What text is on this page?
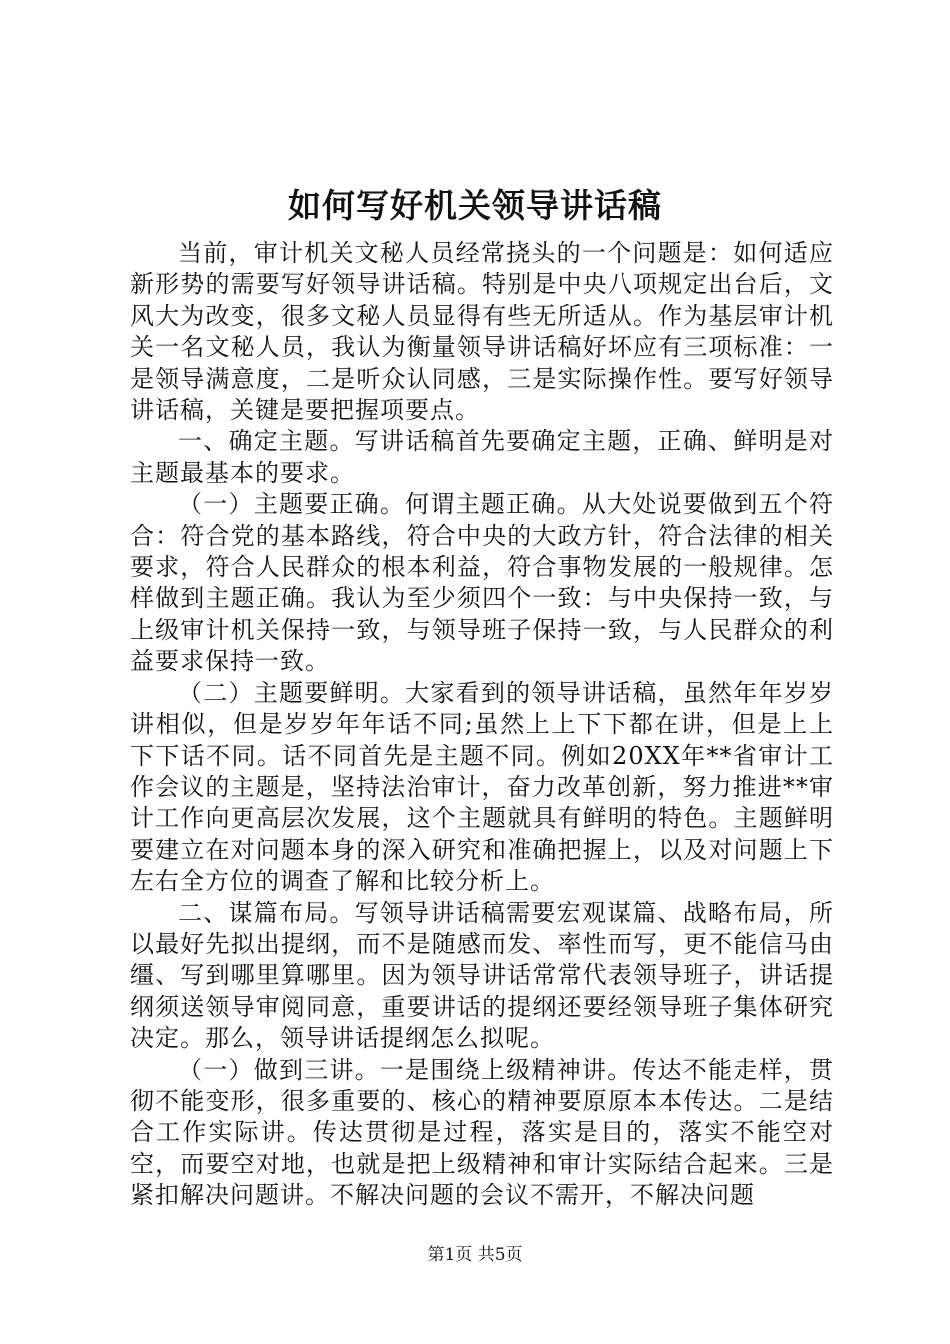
如何写好机关领导讲话稿

当前，审计机关文秘人员经常挠头的一个问题是：如何适应新形势的需要写好领导讲话稿。特别是中央八项规定出台后，文风大为改变，很多文秘人员显得有些无所适从。作为基层审计机关一名文秘人员，我认为衡量领导讲话稿好坏应有三项标准：一是领导满意度，二是听众认同感，三是实际操作性。要写好领导讲话稿，关键是要把握项要点。

一、确定主题。写讲话稿首先要确定主题，正确、鲜明是对主题最基本的要求。

（一）主题要正确。何谓主题正确。从大处说要做到五个符合：符合党的基本路线，符合中央的大政方针，符合法律的相关要求，符合人民群众的根本利益，符合事物发展的一般规律。怎样做到主题正确。我认为至少须四个一致：与中央保持一致，与上级审计机关保持一致，与领导班子保持一致，与人民群众的利益要求保持一致。

（二）主题要鲜明。大家看到的领导讲话稿，虽然年年岁岁讲相似，但是岁岁年年话不同;虽然上上下下都在讲，但是上上下下话不同。话不同首先是主题不同。例如20XX年**省审计工作会议的主题是，坚持法治审计，奋力改革创新，努力推进**审计工作向更高层次发展，这个主题就具有鲜明的特色。主题鲜明要建立在对问题本身的深入研究和准确把握上，以及对问题上下左右全方位的调查了解和比较分析上。

二、谋篇布局。写领导讲话稿需要宏观谋篇、战略布局，所以最好先拟出提纲，而不是随感而发、率性而写，更不能信马由缰、写到哪里算哪里。因为领导讲话常常代表领导班子，讲话提纲须送领导审阅同意，重要讲话的提纲还要经领导班子集体研究决定。那么，领导讲话提纲怎么拟呢。

（一）做到三讲。一是围绕上级精神讲。传达不能走样，贯彻不能变形，很多重要的、核心的精神要原原本本传达。二是结合工作实际讲。传达贯彻是过程，落实是目的，落实不能空对空，而要空对地，也就是把上级精神和审计实际结合起来。三是紧扣解决问题讲。不解决问题的会议不需开，不解决问题

第1页 共5页
